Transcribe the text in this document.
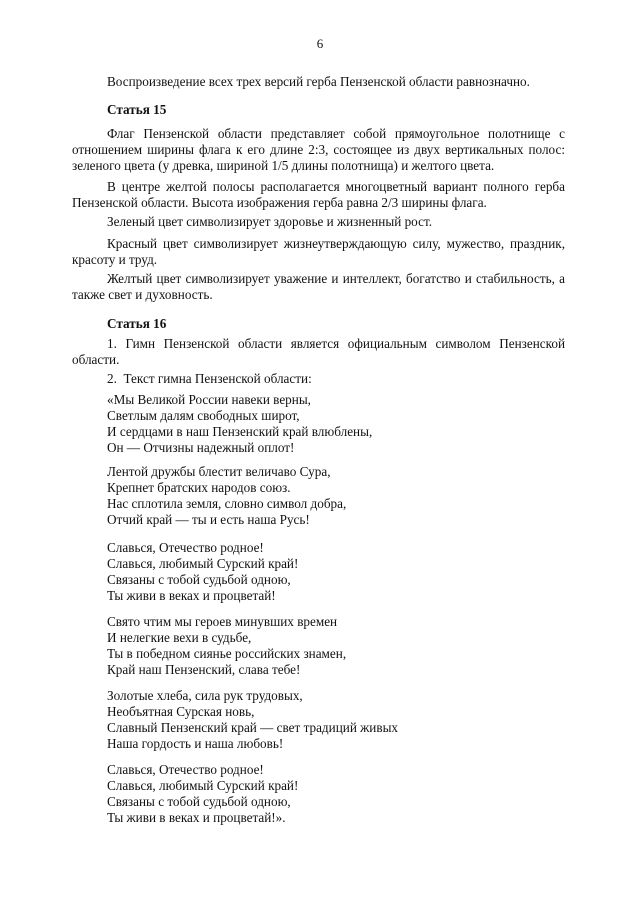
6
Воспроизведение всех трех версий герба Пензенской области равнозначно.
Статья 15
Флаг Пензенской области представляет собой прямоугольное полотнище с
отношением ширины флага к его длине 2:3, состоящее из двух вертикальных полос:
зеленого цвета (у древка, шириной 1/5 длины полотнища) и желтого цвета.
В центре желтой полосы располагается многоцветный вариант полного герба
Пензенской области. Высота изображения герба равна 2/3 ширины флага.
Зеленый цвет символизирует здоровье и жизненный рост.
Красный цвет символизирует жизнеутверждающую силу, мужество, праздник,
красоту и труд.
Желтый цвет символизирует уважение и интеллект, богатство и стабильность, а
также свет и духовность.
Статья 16
1. Гимн Пензенской области является официальным символом Пензенской
области.
2.  Текст гимна Пензенской области:
«Мы Великой России навеки верны,
Светлым далям свободных широт,
И сердцами в наш Пензенский край влюблены,
Он — Отчизны надежный оплот!
Лентой дружбы блестит величаво Сура,
Крепнет братских народов союз.
Нас сплотила земля, словно символ добра,
Отчий край — ты и есть наша Русь!
Славься, Отечество родное!
Славься, любимый Сурский край!
Связаны с тобой судьбой одною,
Ты живи в веках и процветай!
Свято чтим мы героев минувших времен
И нелегкие вехи в судьбе,
Ты в победном сиянье российских знамен,
Край наш Пензенский, слава тебе!
Золотые хлеба, сила рук трудовых,
Необъятная Сурская новь,
Славный Пензенский край — свет традиций живых
Наша гордость и наша любовь!
Славься, Отечество родное!
Славься, любимый Сурский край!
Связаны с тобой судьбой одною,
Ты живи в веках и процветай!».
